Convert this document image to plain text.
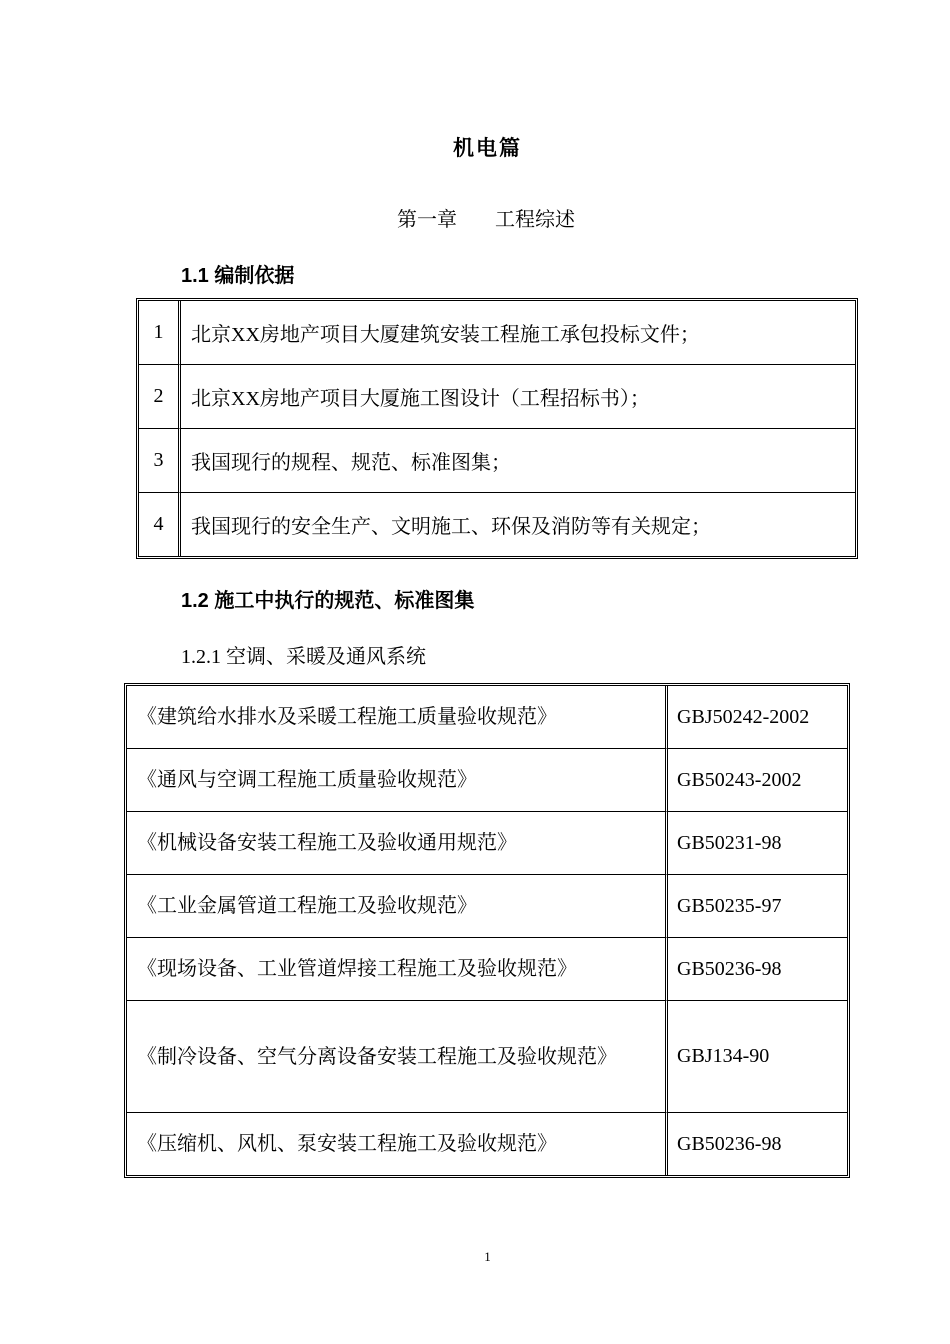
机电篇
第一章 工程综述
1.1 编制依据
1	北京XX房地产项目大厦建筑安装工程施工承包投标文件；
2	北京XX房地产项目大厦施工图设计（工程招标书）；
3	我国现行的规程、规范、标准图集；
4	我国现行的安全生产、文明施工、环保及消防等有关规定；
1.2 施工中执行的规范、标准图集
1.2.1 空调、采暖及通风系统
《建筑给水排水及采暖工程施工质量验收规范》	GBJ50242-2002
《通风与空调工程施工质量验收规范》	GB50243-2002
《机械设备安装工程施工及验收通用规范》	GB50231-98
《工业金属管道工程施工及验收规范》	GB50235-97
《现场设备、工业管道焊接工程施工及验收规范》	GB50236-98
《制冷设备、空气分离设备安装工程施工及验收规范》	GBJ134-90
《压缩机、风机、泵安装工程施工及验收规范》	GB50236-98
1
